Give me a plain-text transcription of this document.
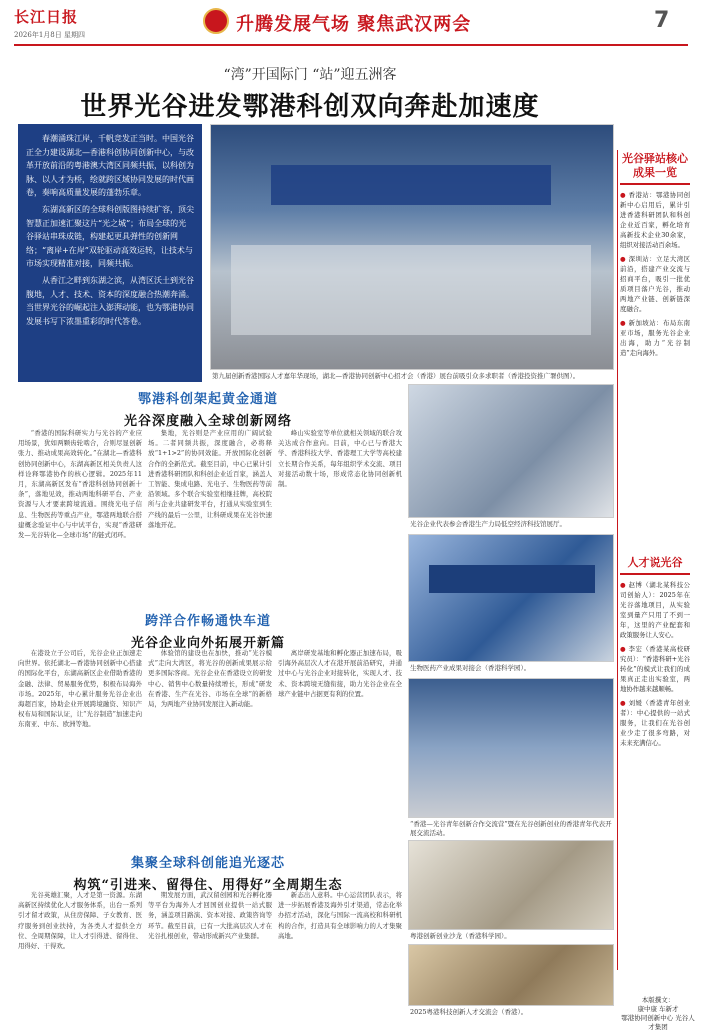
长江日报
2026年1月8日 星期四	升腾发展气场 聚焦武汉两会	7
“湾”开国际门 “站”迎五洲客
世界光谷进发鄂港科创双向奔赴加速度

春潮涌珠江岸，千帆竞发正当时。中国光谷正全力建设湖北—香港科创协同创新中心，与改革开放前沿的粤港澳大湾区同频共振，以科创为脉、以人才为桥，绘就跨区域协同发展的时代画卷，奏响高质量发展的蓬勃乐章。

东湖高新区的全球科创版图持续扩容，顶尖智慧正加速汇聚这片“光之城”；布局全球的光谷驿站串珠成链，构建起更具弹性的创新网络；“离岸+在岸”双轮驱动高效运转，让技术与市场实现精准对接，同频共振。

从香江之畔到东湖之滨，从湾区沃土到光谷腹地，人才、技术、资本的深度融合热潮奔涌。当世界光谷的崛起注入澎湃动能，也为鄂港协同发展书写下浓墨重彩的时代答卷。

第九届创新香港国际人才嘉年华现场，湖北—香港协同创新中心招才会（香港）展台前吸引众多求职者（香港投资推广署供图）。
鄂港科创架起黄金通道
光谷深度融入全球创新网络

“香港的国际科研实力与光谷的产业应用场景，犹如两颗齿轮啮合，合则尽显创新张力、推动成果高效转化。”在湖北—香港科创协同创新中心，东湖高新区相关负责人这样诠释鄂港协作的核心逻辑。2025年11月，东湖高新区发布“香港科创协同创新十条”，落地见效，推动两地科研平台、产业资源与人才要素跨境流通。围绕光电子信息、生物医药等重点产业，鄂港两地联合搭建概念验证中心与中试平台，实现“香港研发—光谷转化—全球市场”的链式闭环。

集地，光谷则是产业应用的广阔试验场。二者同频共振，深度融合，必将释放“1+1>2”的协同效能。开放国际化创新合作的全新范式。截至目前，中心已累计引进香港科研团队和科创企业近百家，涵盖人工智能、集成电路、光电子、生物医药等前沿领域。多个联合实验室相继挂牌，高校院所与企业共建研发平台，打通从实验室到生产线的最后一公里，让科研成果在光谷快速落地开花。

峰山实验室等单位就相关领域的联合攻关达成合作意向。目前，中心已与香港大学、香港科技大学、香港理工大学等高校建立长期合作关系，每年组织学术交流、项目对接活动数十场，形成常态化协同创新机制。

光谷企业代表参会香港生产力局低空经济科技馆展厅。
生物医药产业成果对接会（香港科学园）。
“香港—光谷青年创新合作交流营”暨在光谷创新创业的香港青年代表开展交流活动。
粤港创新创业沙龙（香港科学园）。
2025粤港科技创新人才交流会（香港）。
跨洋合作畅通快车道
光谷企业向外拓展开新篇

在港设立子公司后，光谷企业正加速走向世界。依托湖北—香港协同创新中心搭建的国际化平台，东湖高新区企业借助香港的金融、法律、贸易服务优势，积极布局海外市场。2025年，中心累计服务光谷企业出海超百家，协助企业开展跨境融资、知识产权布局和国际认证，让“光谷制造”加速走向东南亚、中东、欧洲等地。

体验馆的建设也在加快，推动“光谷模式”走向大湾区，将光谷的创新成果展示给更多国际客商。光谷企业在香港设立的研发中心、销售中心数量持续增长，形成“研发在香港、生产在光谷、市场在全球”的新格局，为两地产业协同发展注入新动能。

离岸研发基地和孵化器正加速布局，吸引海外高层次人才在港开展前沿研究，并通过中心与光谷企业对接转化，实现人才、技术、资本跨境无缝衔接，助力光谷企业在全球产业链中占据更有利的位置。

集聚全球科创能追光逐芯
构筑“引进来、留得住、用得好”全周期生态

光谷英雄汇聚，人才是第一资源。东湖高新区持续优化人才服务体系，出台一系列引才留才政策，从住房保障、子女教育、医疗服务到创业扶持，为各类人才提供全方位、全周期保障，让人才引得进、留得住、用得好、干得欢。

期发展方面，武汉留创园和光谷孵化器等平台为海外人才回国创业提供一站式服务，涵盖项目路演、资本对接、政策咨询等环节。截至目前，已有一大批高层次人才在光谷扎根创业，带动形成新兴产业集群。

新态出人意料。中心运营团队表示，将进一步拓展香港及海外引才渠道，常态化举办招才活动，深化与国际一流高校和科研机构的合作，打造具有全球影响力的人才集聚高地。

光谷驿站核心成果一览

● 香港站：鄂港协同创新中心启用后，累计引进香港科研团队和科创企业近百家，孵化培育高新技术企业30余家，组织对接活动百余场。

● 深圳站：立足大湾区前沿，搭建产业交流与招商平台，吸引一批优质项目落户光谷，推动两地产业链、创新链深度融合。

● 新加坡站：布局东南亚市场，服务光谷企业出海，助力“光谷制造”走向海外。

人才说光谷

● 赵博（湖北某科技公司创始人）：2025年在光谷落地项目，从实验室到量产只用了不到一年，这里的产业配套和政策服务让人安心。

● 李宏（香港某高校研究员）：“香港科研+光谷转化”的模式让我们的成果真正走出实验室，两地协作越来越顺畅。

● 刘媛（香港青年创业者）：中心提供的一站式服务，让我们在光谷创业少走了很多弯路，对未来充满信心。

本版撰文：
康中康 车新才
鄂港协同创新中心 光谷人才集团
